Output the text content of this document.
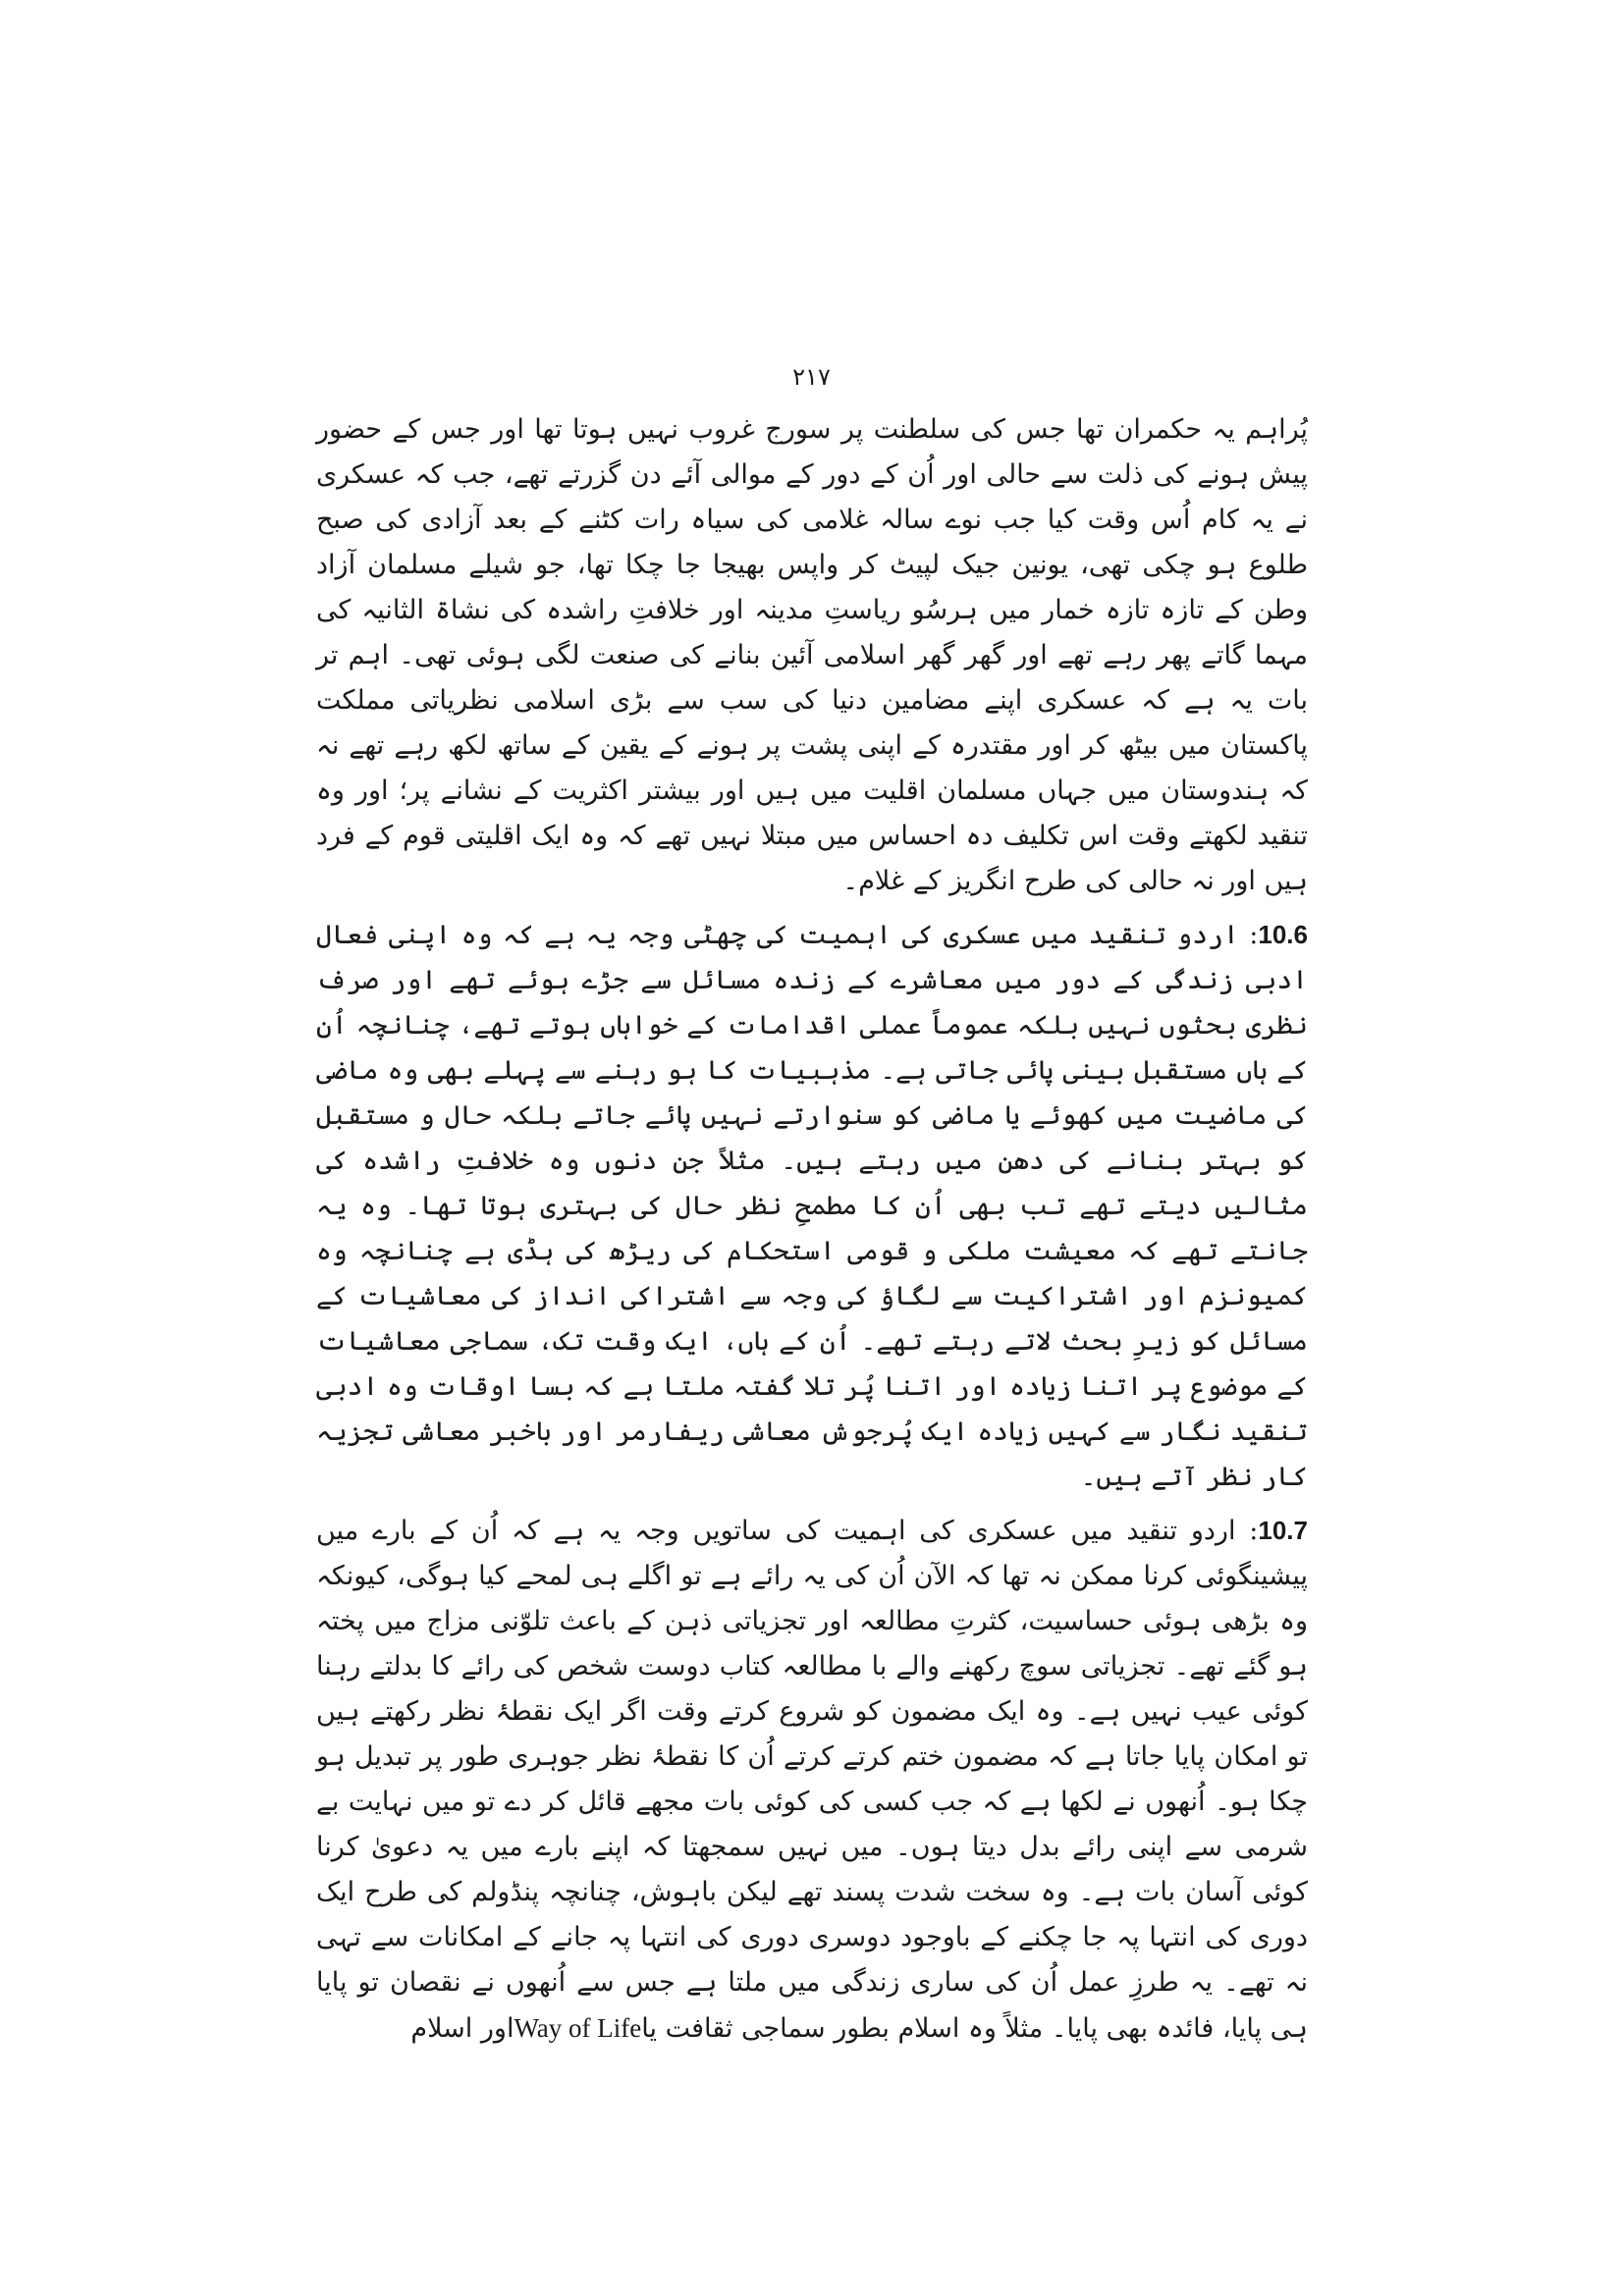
۲۱۷

پُراہم یہ حکمران تھا جس کی سلطنت پر سورج غروب نہیں ہوتا تھا اور جس کے حضور پیش ہونے کی ذلت سے حالی اور اُن کے دور کے موالی آئے دن گزرتے تھے، جب کہ عسکری نے یہ کام اُس وقت کیا جب نوے سالہ غلامی کی سیاہ رات کٹنے کے بعد آزادی کی صبح طلوع ہو چکی تھی، یونین جیک لپیٹ کر واپس بھیجا جا چکا تھا، جو شیلے مسلمان آزاد وطن کے تازہ تازہ خمار میں ہرسُو ریاستِ مدینہ اور خلافتِ راشدہ کی نشاۃ الثانیہ کی مہما گاتے پھر رہے تھے اور گھر گھر اسلامی آئین بنانے کی صنعت لگی ہوئی تھی۔ اہم تر بات یہ ہے کہ عسکری اپنے مضامین دنیا کی سب سے بڑی اسلامی نظریاتی مملکت پاکستان میں بیٹھ کر اور مقتدرہ کے اپنی پشت پر ہونے کے یقین کے ساتھ لکھ رہے تھے نہ کہ ہندوستان میں جہاں مسلمان اقلیت میں ہیں اور بیشتر اکثریت کے نشانے پر؛ اور وہ تنقید لکھتے وقت اس تکلیف دہ احساس میں مبتلا نہیں تھے کہ وہ ایک اقلیتی قوم کے فرد ہیں اور نہ حالی کی طرح انگریز کے غلام۔

10.6: اردو تنقید میں عسکری کی اہمیت کی چھٹی وجہ یہ ہے کہ وہ اپنی فعال ادبی زندگی کے دور میں معاشرے کے زندہ مسائل سے جڑے ہوئے تھے اور صرف نظری بحثوں نہیں بلکہ عموماً عملی اقدامات کے خواہاں ہوتے تھے، چنانچہ اُن کے ہاں مستقبل بینی پائی جاتی ہے۔ مذہبیات کا ہو رہنے سے پہلے بھی وہ ماضی کی ماضیت میں کھوئے یا ماضی کو سنوارتے نہیں پائے جاتے بلکہ حال و مستقبل کو بہتر بنانے کی دھن میں رہتے ہیں۔ مثلاً جن دنوں وہ خلافتِ راشدہ کی مثالیں دیتے تھے تب بھی اُن کا مطمحِ نظر حال کی بہتری ہوتا تھا۔ وہ یہ جانتے تھے کہ معیشت ملکی و قومی استحکام کی ریڑھ کی ہڈی ہے چنانچہ وہ کمیونزم اور اشتراکیت سے لگاؤ کی وجہ سے اشتراکی انداز کی معاشیات کے مسائل کو زیرِ بحث لاتے رہتے تھے۔ اُن کے ہاں، ایک وقت تک، سماجی معاشیات کے موضوع پر اتنا زیادہ اور اتنا پُر تلا گفتہ ملتا ہے کہ بسا اوقات وہ ادبی تنقید نگار سے کہیں زیادہ ایک پُرجوش معاشی ریفارمر اور باخبر معاشی تجزیہ کار نظر آتے ہیں۔

10.7: اردو تنقید میں عسکری کی اہمیت کی ساتویں وجہ یہ ہے کہ اُن کے بارے میں پیشینگوئی کرنا ممکن نہ تھا کہ الآن اُن کی یہ رائے ہے تو اگلے ہی لمحے کیا ہوگی، کیونکہ وہ بڑھی ہوئی حساسیت، کثرتِ مطالعہ اور تجزیاتی ذہن کے باعث تلوّنی مزاج میں پختہ ہو گئے تھے۔ تجزیاتی سوچ رکھنے والے با مطالعہ کتاب دوست شخص کی رائے کا بدلتے رہنا کوئی عیب نہیں ہے۔ وہ ایک مضمون کو شروع کرتے وقت اگر ایک نقطۂ نظر رکھتے ہیں تو امکان پایا جاتا ہے کہ مضمون ختم کرتے کرتے اُن کا نقطۂ نظر جوہری طور پر تبدیل ہو چکا ہو۔ اُنھوں نے لکھا ہے کہ جب کسی کی کوئی بات مجھے قائل کر دے تو میں نہایت بے شرمی سے اپنی رائے بدل دیتا ہوں۔ میں نہیں سمجھتا کہ اپنے بارے میں یہ دعویٰ کرنا کوئی آسان بات ہے۔ وہ سخت شدت پسند تھے لیکن باہوش، چنانچہ پنڈولم کی طرح ایک دوری کی انتہا پہ جا چکنے کے باوجود دوسری دوری کی انتہا پہ جانے کے امکانات سے تہی نہ تھے۔ یہ طرزِ عمل اُن کی ساری زندگی میں ملتا ہے جس سے اُنھوں نے نقصان تو پایا ہی پایا، فائدہ بھی پایا۔ مثلاً وہ اسلام بطور سماجی ثقافت یاWay of Lifeاور اسلام
